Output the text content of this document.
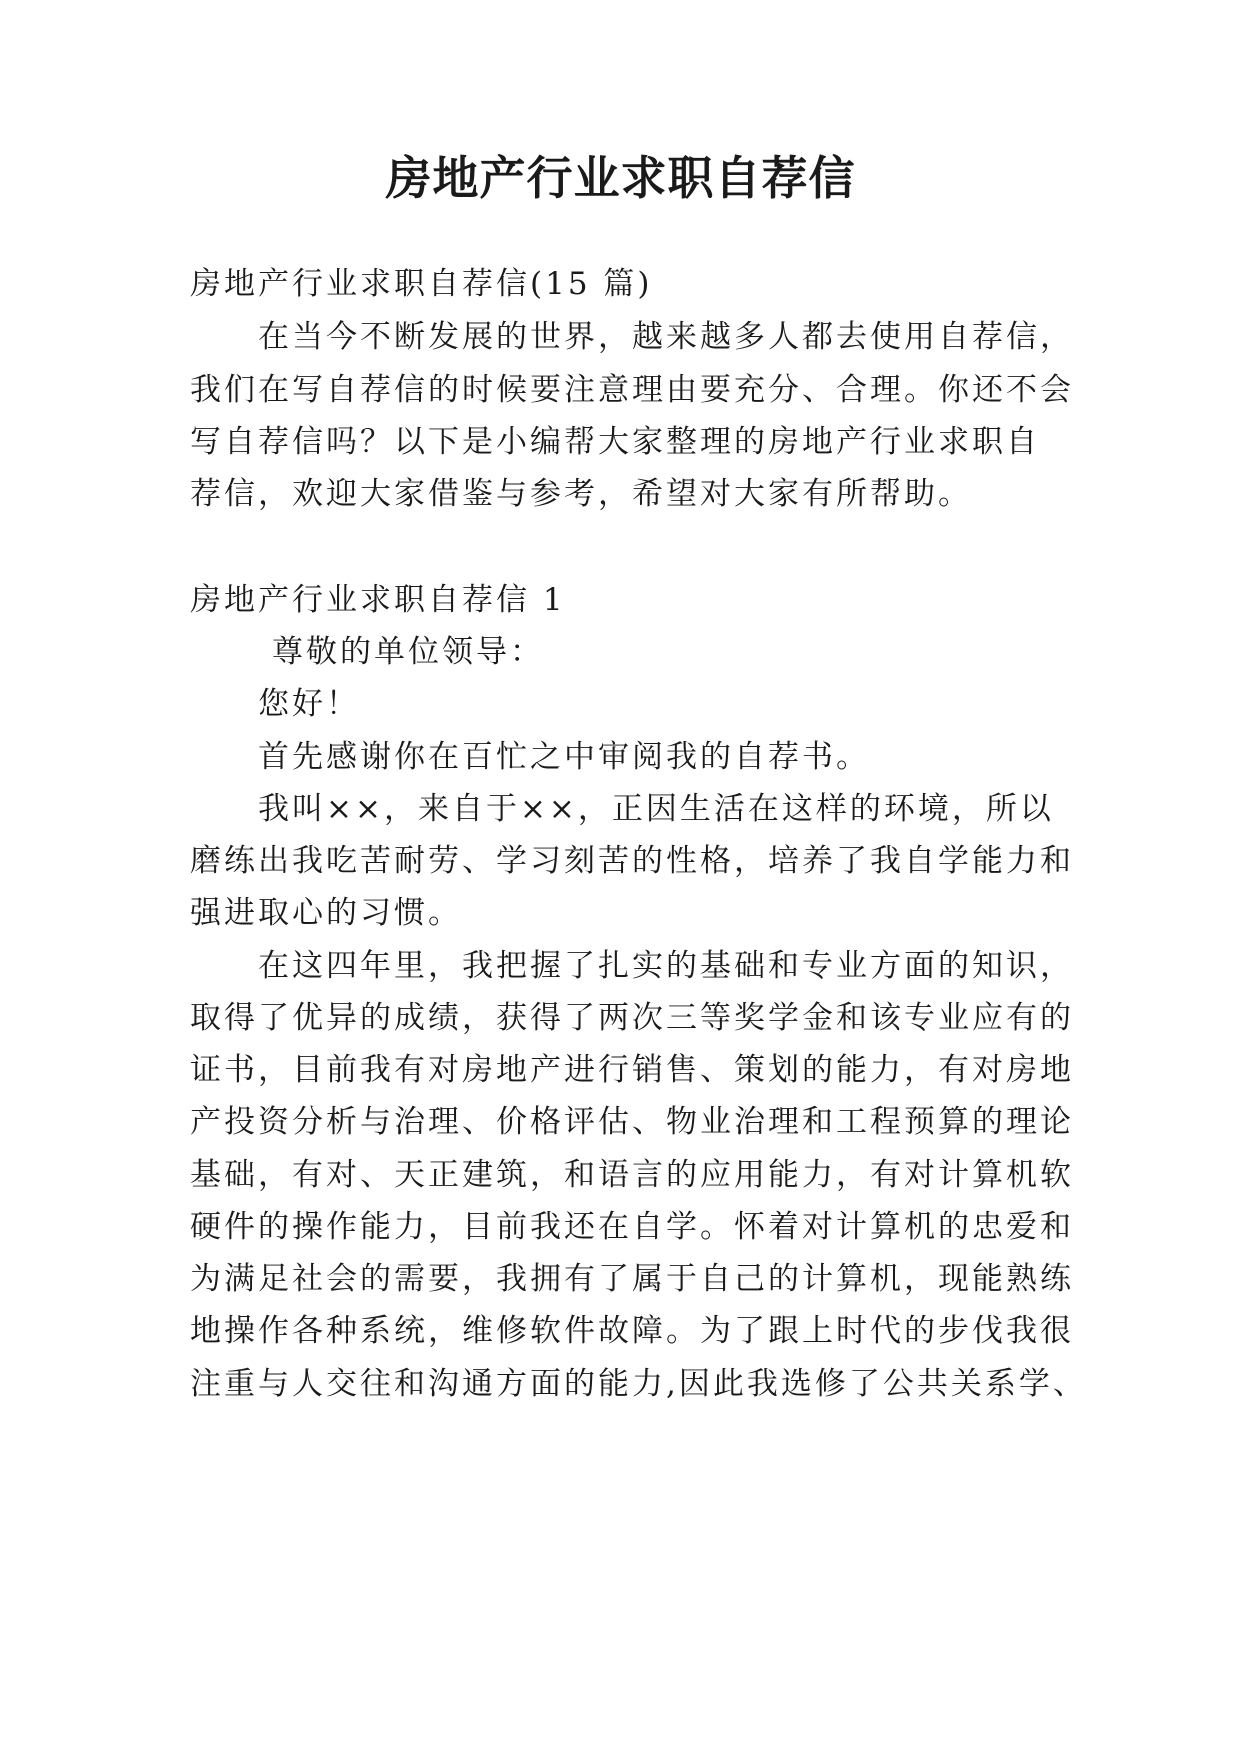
房地产行业求职自荐信
房地产行业求职自荐信(15 篇)
在当今不断发展的世界，越来越多人都去使用自荐信，
我们在写自荐信的时候要注意理由要充分、合理。你还不会
写自荐信吗？以下是小编帮大家整理的房地产行业求职自
荐信，欢迎大家借鉴与参考，希望对大家有所帮助。
房地产行业求职自荐信 1
尊敬的单位领导：
您好！
首先感谢你在百忙之中审阅我的自荐书。
我叫××，来自于××，正因生活在这样的环境，所以
磨练出我吃苦耐劳、学习刻苦的性格，培养了我自学能力和
强进取心的习惯。
在这四年里，我把握了扎实的基础和专业方面的知识，
取得了优异的成绩，获得了两次三等奖学金和该专业应有的
证书，目前我有对房地产进行销售、策划的能力，有对房地
产投资分析与治理、价格评估、物业治理和工程预算的理论
基础，有对、天正建筑，和语言的应用能力，有对计算机软
硬件的操作能力，目前我还在自学。怀着对计算机的忠爱和
为满足社会的需要，我拥有了属于自己的计算机，现能熟练
地操作各种系统，维修软件故障。为了跟上时代的步伐我很
注重与人交往和沟通方面的能力,因此我选修了公共关系学、
